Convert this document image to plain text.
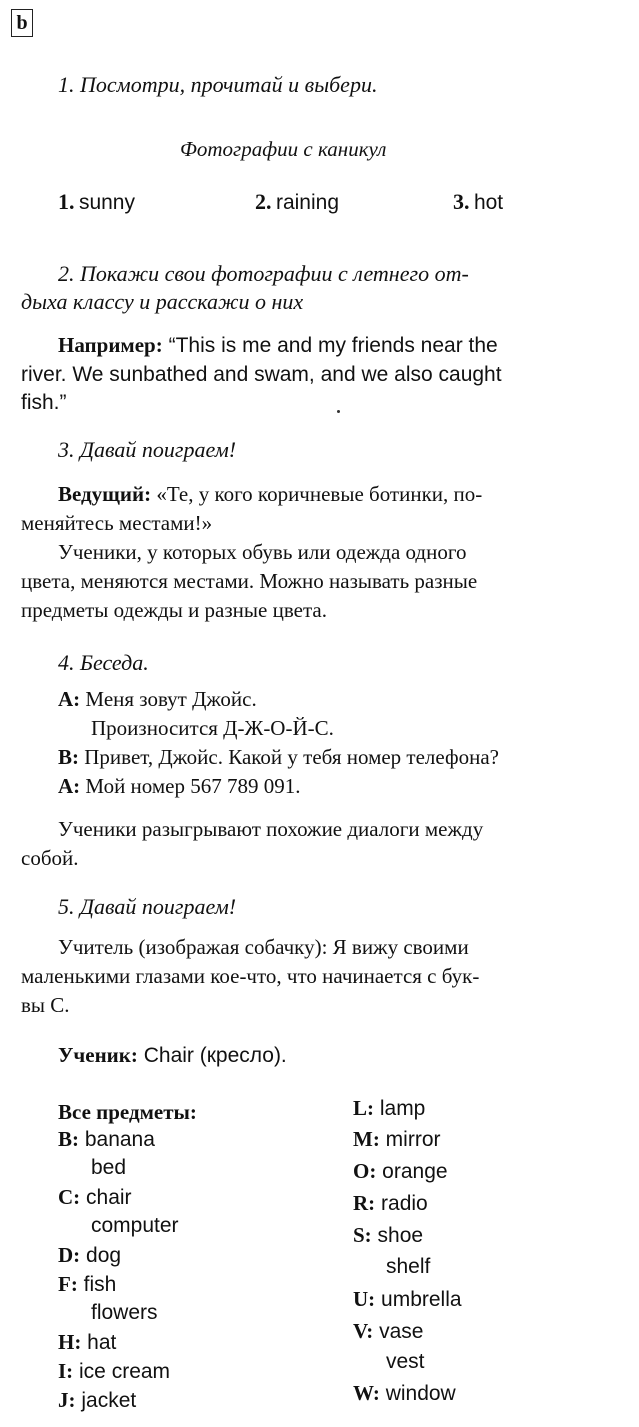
b
1. Посмотри, прочитай и выбери.
Фотографии с каникул
1. sunny	2. raining	3. hot
2. Покажи свои фотографии с летнего от-
дыха классу и расскажи о них
Например: “This is me and my friends near the
river. We sunbathed and swam, and we also caught
fish.”
3. Давай поиграем!
Ведущий: «Те, у кого коричневые ботинки, по-
меняйтесь местами!»
Ученики, у которых обувь или одежда одного
цвета, меняются местами. Можно называть разные
предметы одежды и разные цвета.
4. Беседа.
A: Меня зовут Джойс.
Произносится Д-Ж-О-Й-С.
B: Привет, Джойс. Какой у тебя номер телефона?
A: Мой номер 567 789 091.
Ученики разыгрывают похожие диалоги между
собой.
5. Давай поиграем!
Учитель (изображая собачку): Я вижу своими
маленькими глазами кое-что, что начинается с бук-
вы С.
Ученик: Chair (кресло).
Все предметы:
B: banana
bed
C: chair
computer
D: dog
F: fish
flowers
H: hat
I: ice cream
J: jacket
L: lamp
M: mirror
O: orange
R: radio
S: shoe
shelf
U: umbrella
V: vase
vest
W: window
